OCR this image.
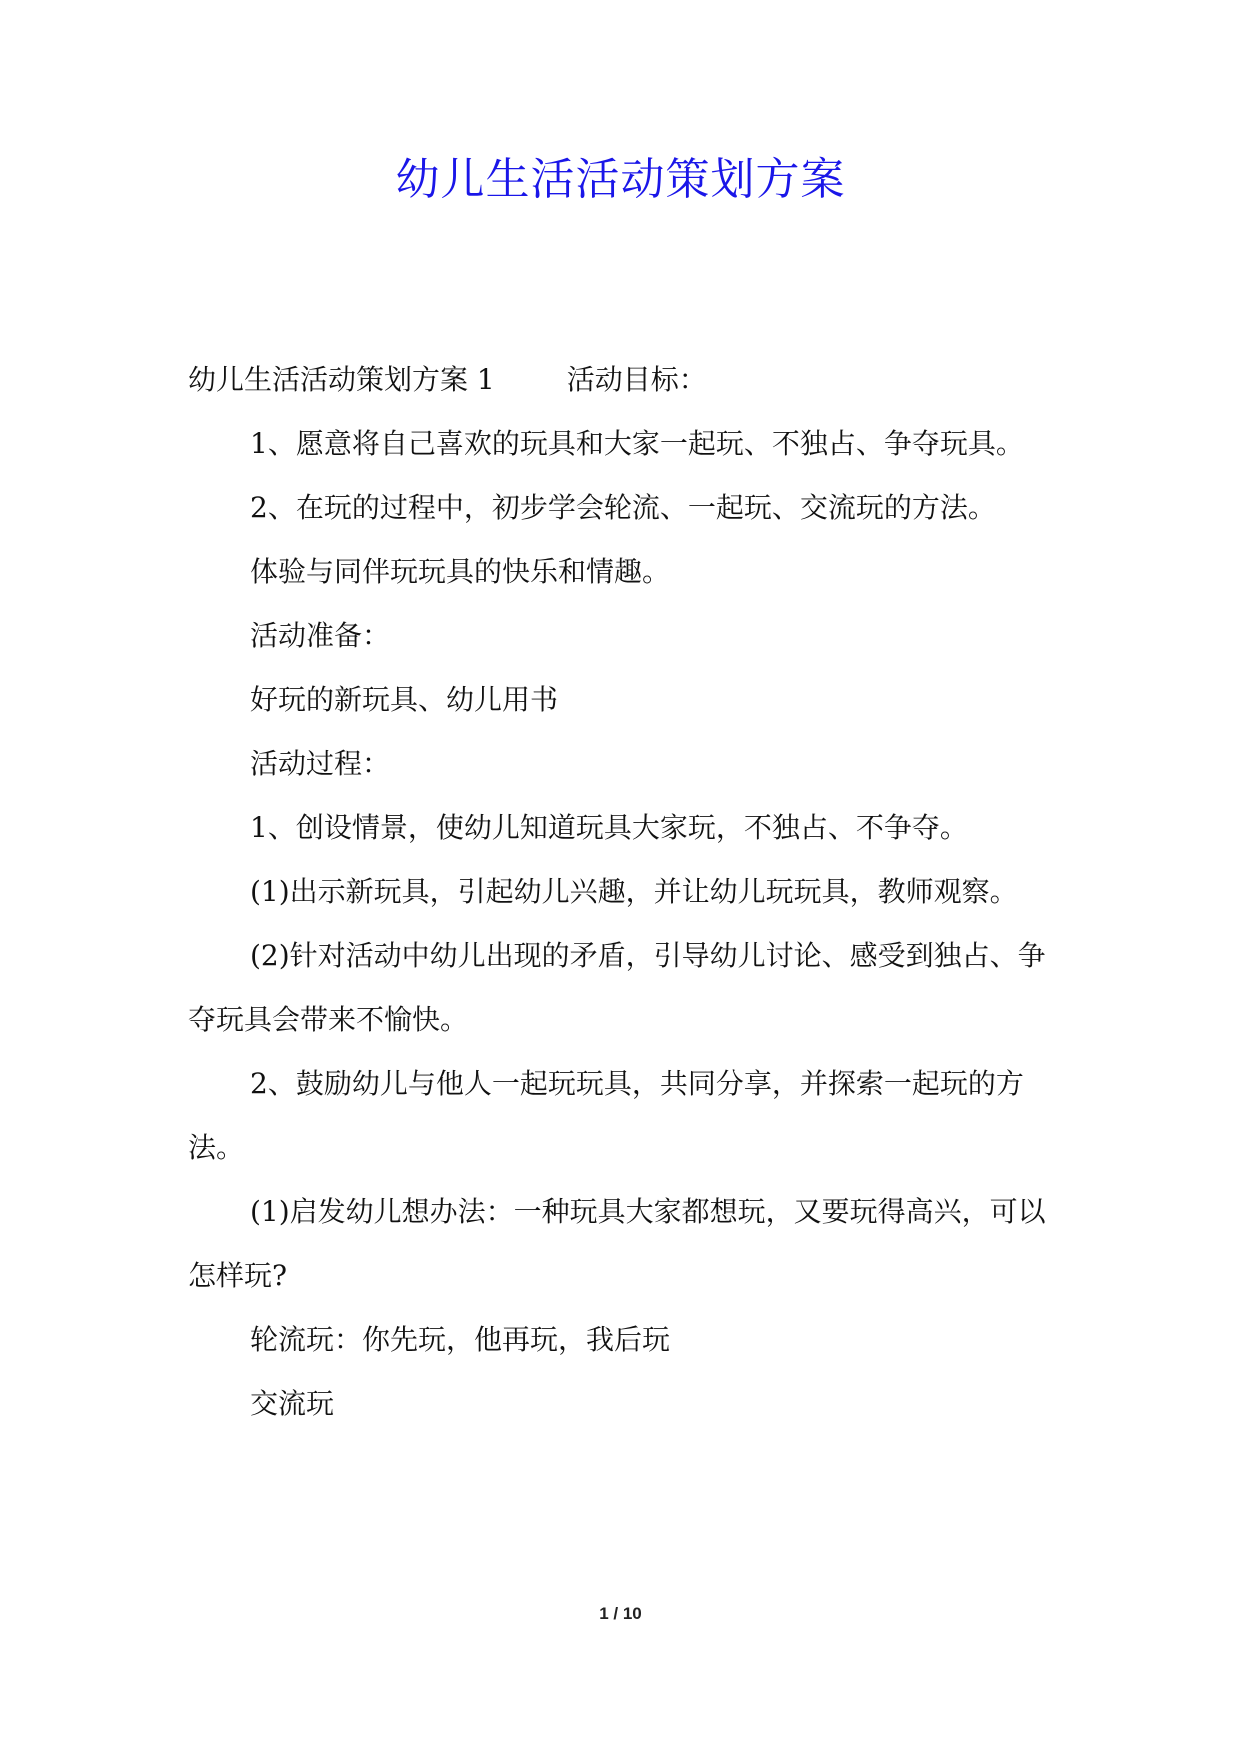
幼儿生活活动策划方案

幼儿生活活动策划方案 1	活动目标：

1、愿意将自己喜欢的玩具和大家一起玩、不独占、争夺玩具。

2、在玩的过程中，初步学会轮流、一起玩、交流玩的方法。

体验与同伴玩玩具的快乐和情趣。

活动准备：

好玩的新玩具、幼儿用书

活动过程：

1、创设情景，使幼儿知道玩具大家玩，不独占、不争夺。

(1)出示新玩具，引起幼儿兴趣，并让幼儿玩玩具，教师观察。

(2)针对活动中幼儿出现的矛盾，引导幼儿讨论、感受到独占、争夺玩具会带来不愉快。

2、鼓励幼儿与他人一起玩玩具，共同分享，并探索一起玩的方法。

(1)启发幼儿想办法：一种玩具大家都想玩，又要玩得高兴，可以怎样玩?

轮流玩：你先玩，他再玩，我后玩

交流玩

1 / 10
